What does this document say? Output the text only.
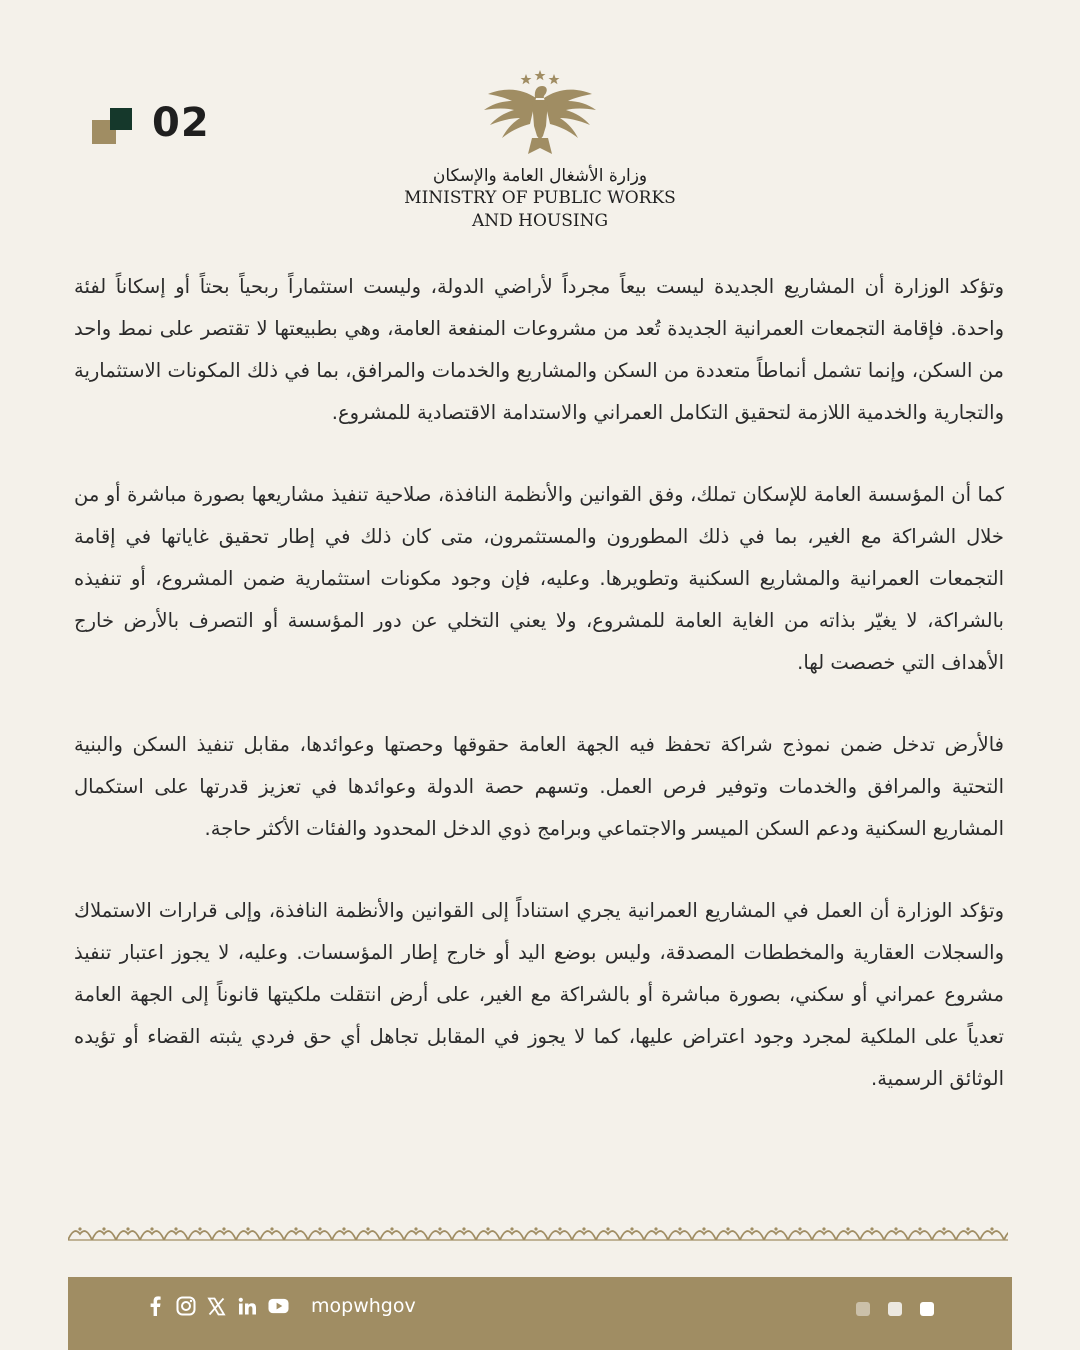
02
وزارة الأشغال العامة والإسكان
MINISTRY OF PUBLIC WORKS
AND HOUSING

وتؤكد الوزارة أن المشاريع الجديدة ليست بيعاً مجرداً لأراضي الدولة، وليست استثماراً ربحياً بحتاً أو إسكاناً لفئة واحدة. فإقامة التجمعات العمرانية الجديدة تُعد من مشروعات المنفعة العامة، وهي بطبيعتها لا تقتصر على نمط واحد من السكن، وإنما تشمل أنماطاً متعددة من السكن والمشاريع والخدمات والمرافق، بما في ذلك المكونات الاستثمارية والتجارية والخدمية اللازمة لتحقيق التكامل العمراني والاستدامة الاقتصادية للمشروع.

كما أن المؤسسة العامة للإسكان تملك، وفق القوانين والأنظمة النافذة، صلاحية تنفيذ مشاريعها بصورة مباشرة أو من خلال الشراكة مع الغير، بما في ذلك المطورون والمستثمرون، متى كان ذلك في إطار تحقيق غاياتها في إقامة التجمعات العمرانية والمشاريع السكنية وتطويرها. وعليه، فإن وجود مكونات استثمارية ضمن المشروع، أو تنفيذه بالشراكة، لا يغيّر بذاته من الغاية العامة للمشروع، ولا يعني التخلي عن دور المؤسسة أو التصرف بالأرض خارج الأهداف التي خصصت لها.

فالأرض تدخل ضمن نموذج شراكة تحفظ فيه الجهة العامة حقوقها وحصتها وعوائدها، مقابل تنفيذ السكن والبنية التحتية والمرافق والخدمات وتوفير فرص العمل. وتسهم حصة الدولة وعوائدها في تعزيز قدرتها على استكمال المشاريع السكنية ودعم السكن الميسر والاجتماعي وبرامج ذوي الدخل المحدود والفئات الأكثر حاجة.

وتؤكد الوزارة أن العمل في المشاريع العمرانية يجري استناداً إلى القوانين والأنظمة النافذة، وإلى قرارات الاستملاك والسجلات العقارية والمخططات المصدقة، وليس بوضع اليد أو خارج إطار المؤسسات. وعليه، لا يجوز اعتبار تنفيذ مشروع عمراني أو سكني، بصورة مباشرة أو بالشراكة مع الغير، على أرض انتقلت ملكيتها قانوناً إلى الجهة العامة تعدياً على الملكية لمجرد وجود اعتراض عليها، كما لا يجوز في المقابل تجاهل أي حق فردي يثبته القضاء أو تؤيده الوثائق الرسمية.

mopwhgov
